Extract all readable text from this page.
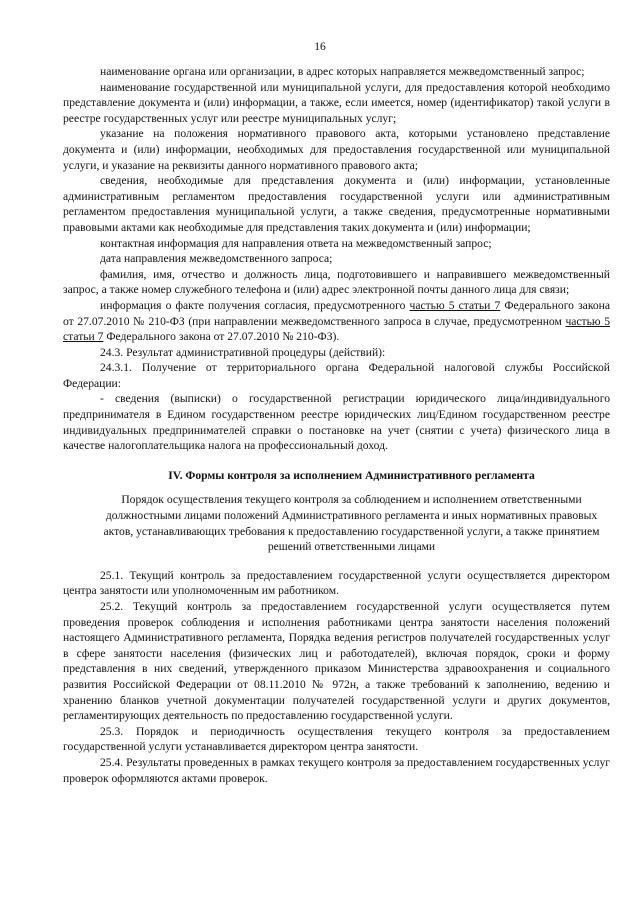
16

наименование органа или организации, в адрес которых направляется межведомственный запрос;

наименование государственной или муниципальной услуги, для предоставления которой необходимо представление документа и (или) информации, а также, если имеется, номер (идентификатор) такой услуги в реестре государственных услуг или реестре муниципальных услуг;

указание на положения нормативного правового акта, которыми установлено представление документа и (или) информации, необходимых для предоставления государственной или муниципальной услуги, и указание на реквизиты данного нормативного правового акта;

сведения, необходимые для представления документа и (или) информации, установленные административным регламентом предоставления государственной услуги или административным регламентом предоставления муниципальной услуги, а также сведения, предусмотренные нормативными правовыми актами как необходимые для представления таких документа и (или) информации;

контактная информация для направления ответа на межведомственный запрос;

дата направления межведомственного запроса;

фамилия, имя, отчество и должность лица, подготовившего и направившего межведомственный запрос, а также номер служебного телефона и (или) адрес электронной почты данного лица для связи;

информация о факте получения согласия, предусмотренного частью 5 статьи 7 Федерального закона от 27.07.2010 № 210-ФЗ (при направлении межведомственного запроса в случае, предусмотренном частью 5 статьи 7 Федерального закона от 27.07.2010 № 210-ФЗ).

24.3. Результат административной процедуры (действий):

24.3.1. Получение от территориального органа Федеральной налоговой службы Российской Федерации:

- сведения (выписки) о государственной регистрации юридического лица/индивидуального предпринимателя в Едином государственном реестре юридических лиц/Едином государственном реестре индивидуальных предпринимателей справки о постановке на учет (снятии с учета) физического лица в качестве налогоплательщика налога на профессиональный доход.

IV. Формы контроля за исполнением Административного регламента

Порядок осуществления текущего контроля за соблюдением и исполнением ответственными должностными лицами положений Административного регламента и иных нормативных правовых актов, устанавливающих требования к предоставлению государственной услуги, а также принятием решений ответственными лицами

25.1. Текущий контроль за предоставлением государственной услуги осуществляется директором центра занятости или уполномоченным им работником.

25.2. Текущий контроль за предоставлением государственной услуги осуществляется путем проведения проверок соблюдения и исполнения работниками центра занятости населения положений настоящего Административного регламента, Порядка ведения регистров получателей государственных услуг в сфере занятости населения (физических лиц и работодателей), включая порядок, сроки и форму представления в них сведений, утвержденного приказом Министерства здравоохранения и социального развития Российской Федерации от 08.11.2010 № 972н, а также требований к заполнению, ведению и хранению бланков учетной документации получателей государственной услуги и других документов, регламентирующих деятельность по предоставлению государственной услуги.

25.3. Порядок и периодичность осуществления текущего контроля за предоставлением государственной услуги устанавливается директором центра занятости.

25.4. Результаты проведенных в рамках текущего контроля за предоставлением государственных услуг проверок оформляются актами проверок.
